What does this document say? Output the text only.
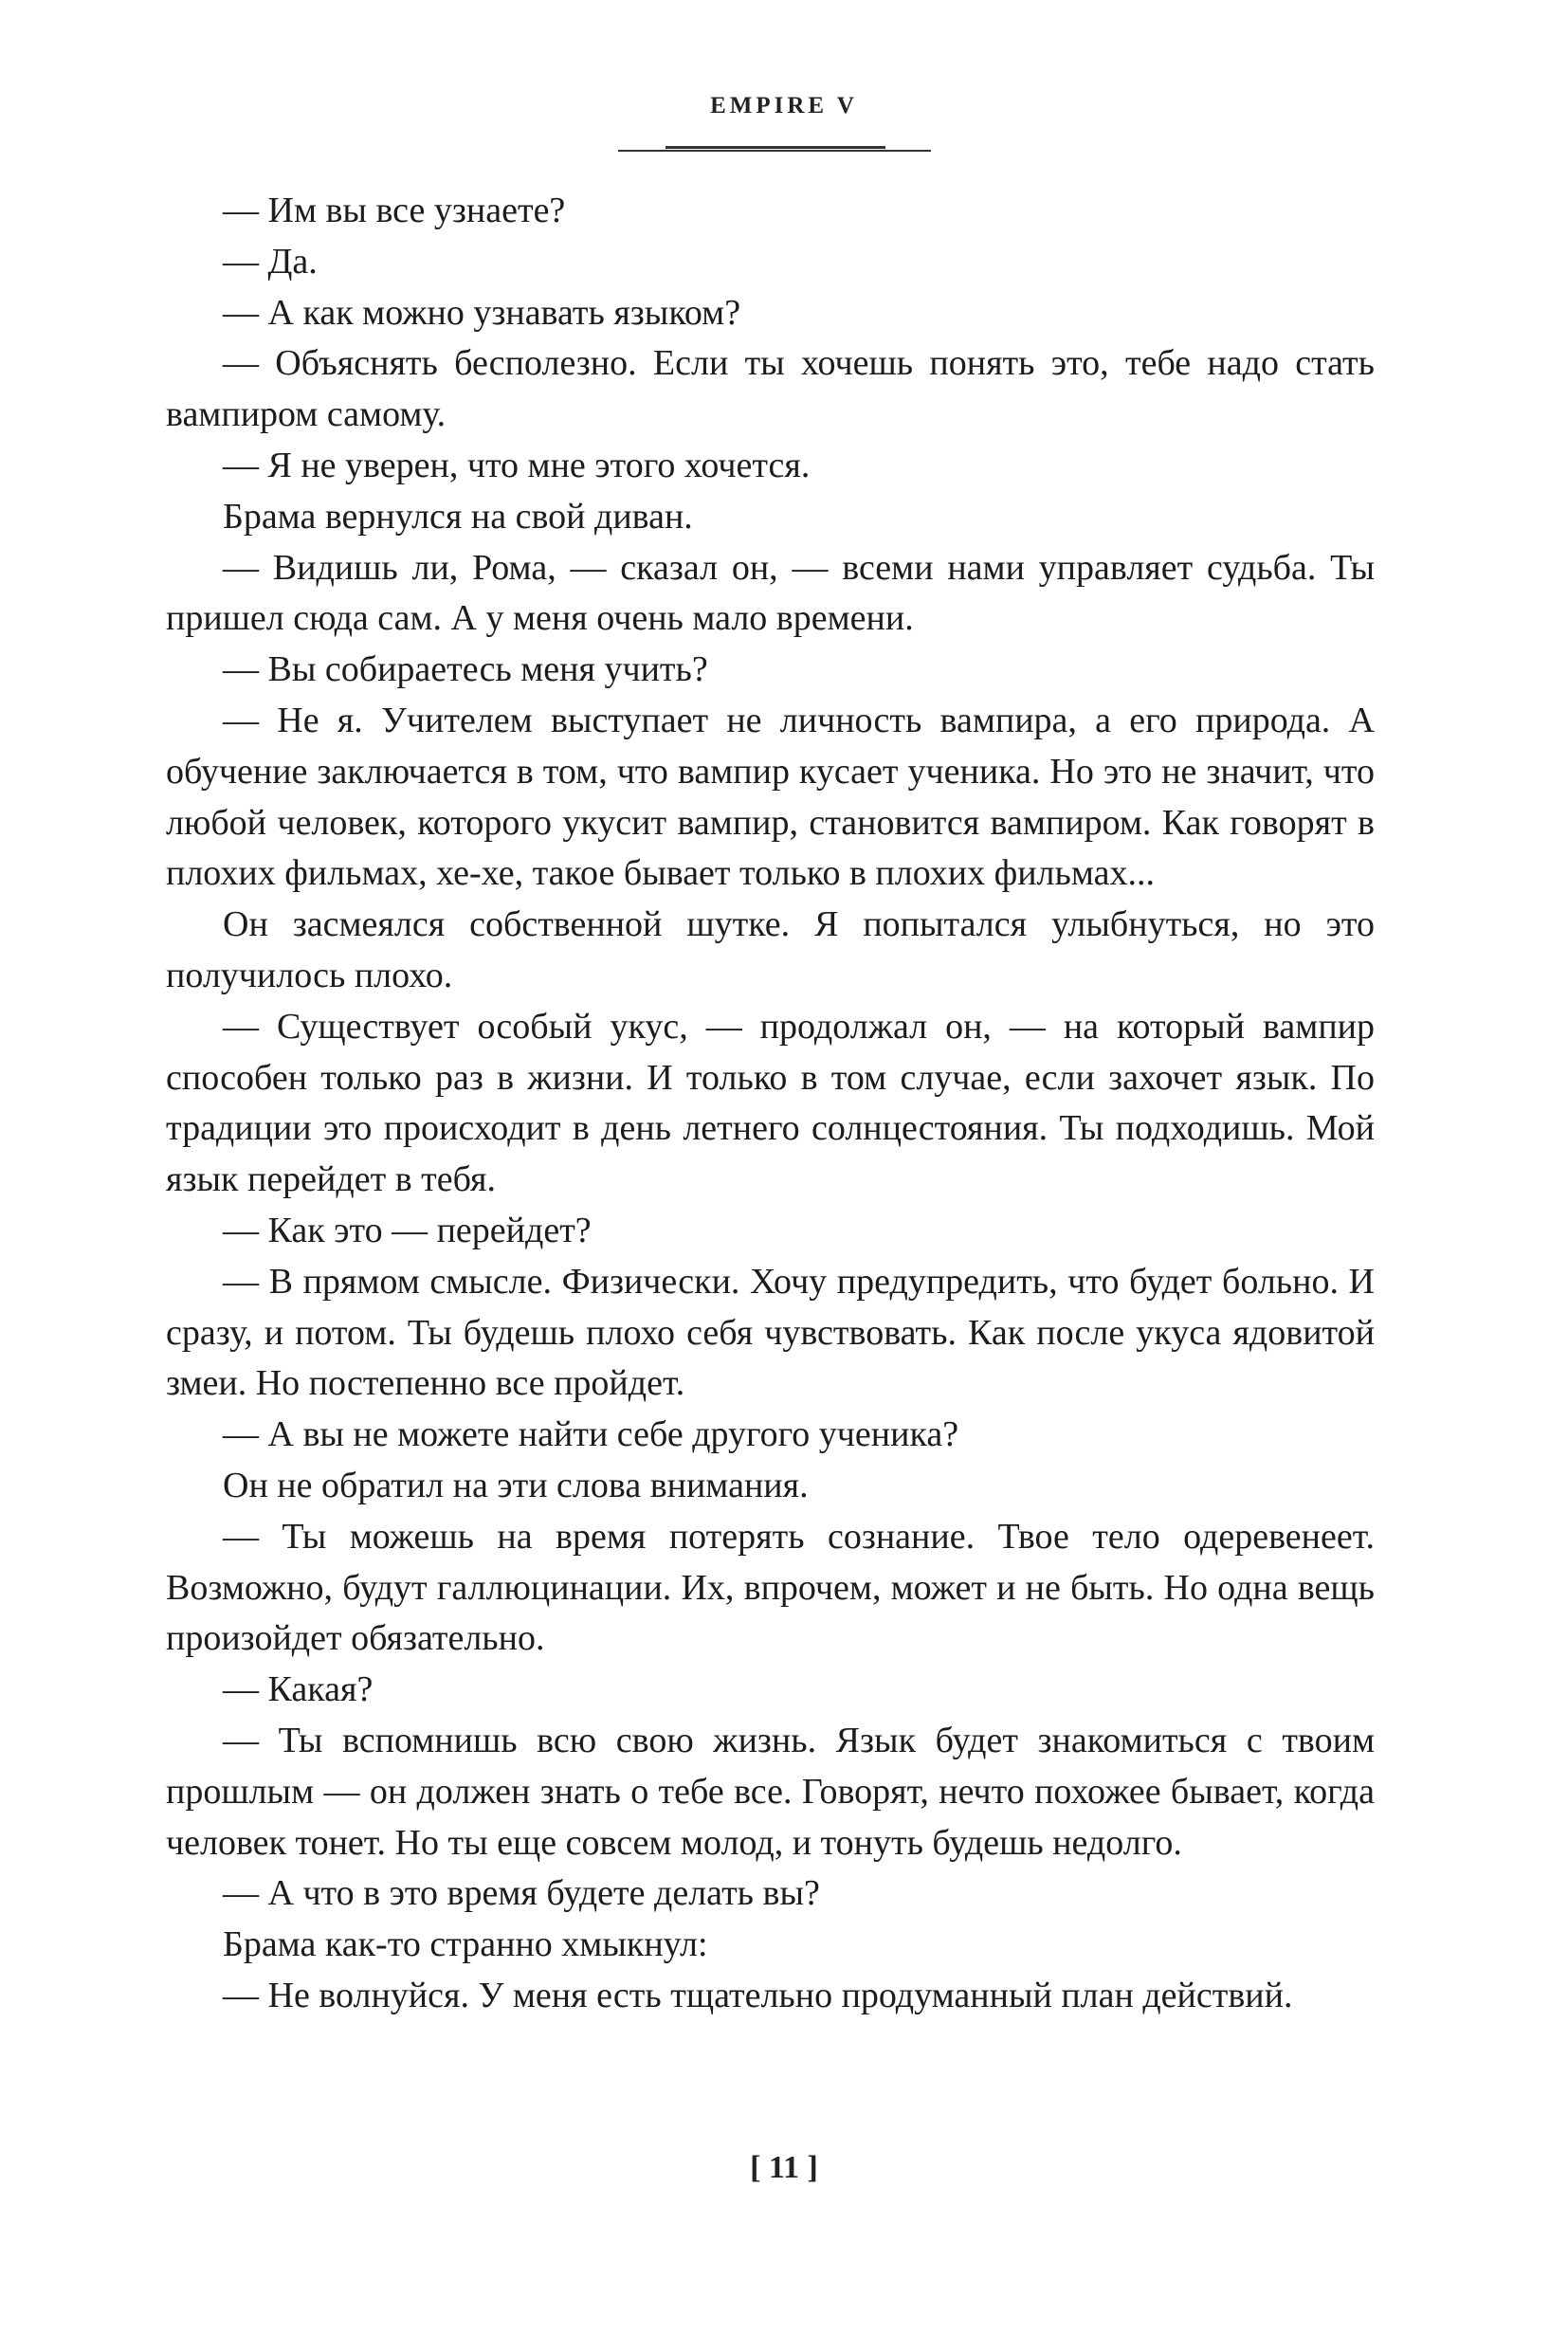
EMPIRE V

— Им вы все узнаете?

— Да.

— А как можно узнавать языком?

— Объяснять бесполезно. Если ты хочешь понять это, тебе надо стать вампиром самому.

— Я не уверен, что мне этого хочется.

Брама вернулся на свой диван.

— Видишь ли, Рома, — сказал он, — всеми нами управляет судьба. Ты пришел сюда сам. А у меня очень мало времени.

— Вы собираетесь меня учить?

— Не я. Учителем выступает не личность вампира, а его природа. А обучение заключается в том, что вампир кусает ученика. Но это не значит, что любой человек, которого укусит вампир, становится вампиром. Как говорят в плохих фильмах, хе-хе, такое бывает только в плохих фильмах...

Он засмеялся собственной шутке. Я попытался улыбнуться, но это получилось плохо.

— Существует особый укус, — продолжал он, — на который вампир способен только раз в жизни. И только в том случае, если захочет язык. По традиции это происходит в день летнего солнцестояния. Ты подходишь. Мой язык перейдет в тебя.

— Как это — перейдет?

— В прямом смысле. Физически. Хочу предупредить, что будет больно. И сразу, и потом. Ты будешь плохо себя чувствовать. Как после укуса ядовитой змеи. Но постепенно все пройдет.

— А вы не можете найти себе другого ученика?

Он не обратил на эти слова внимания.

— Ты можешь на время потерять сознание. Твое тело одеревенеет. Возможно, будут галлюцинации. Их, впрочем, может и не быть. Но одна вещь произойдет обязательно.

— Какая?

— Ты вспомнишь всю свою жизнь. Язык будет знакомиться с твоим прошлым — он должен знать о тебе все. Говорят, нечто похожее бывает, когда человек тонет. Но ты еще совсем молод, и тонуть будешь недолго.

— А что в это время будете делать вы?

Брама как-то странно хмыкнул:

— Не волнуйся. У меня есть тщательно продуманный план действий.

[ 11 ]
